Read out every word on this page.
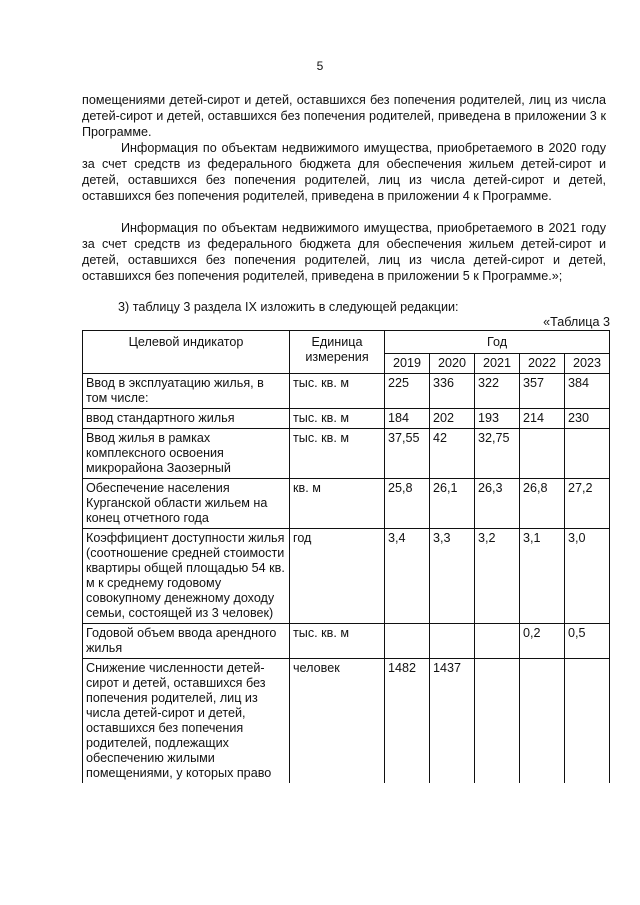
5

помещениями детей-сирот и детей, оставшихся без попечения родителей, лиц из числа детей-сирот и детей, оставшихся без попечения родителей, приведена в приложении 3 к Программе.

Информация по объектам недвижимого имущества, приобретаемого в 2020 году за счет средств из федерального бюджета для обеспечения жильем детей-сирот и детей, оставшихся без попечения родителей, лиц из числа детей-сирот и детей, оставшихся без попечения родителей, приведена в приложении 4 к Программе.

Информация по объектам недвижимого имущества, приобретаемого в 2021 году за счет средств из федерального бюджета для обеспечения жильем детей-сирот и детей, оставшихся без попечения родителей, лиц из числа детей-сирот и детей, оставшихся без попечения родителей, приведена в приложении 5 к Программе.»;

3) таблицу 3 раздела IX изложить в следующей редакции:

«Таблица 3
Целевой индикатор	Единица измерения	Год				
		2019	2020	2021	2022	2023
Ввод в эксплуатацию жилья, в том числе:	тыс. кв. м	225	336	322	357	384
ввод стандартного жилья	тыс. кв. м	184	202	193	214	230
Ввод жилья в рамках комплексного освоения микрорайона Заозерный	тыс. кв. м	37,55	42	32,75		
Обеспечение населения Курганской области жильем на конец отчетного года	кв. м	25,8	26,1	26,3	26,8	27,2
Коэффициент доступности жилья (соотношение средней стоимости квартиры общей площадью 54 кв. м к среднему годовому совокупному денежному доходу семьи, состоящей из 3 человек)	год	3,4	3,3	3,2	3,1	3,0
Годовой объем ввода арендного жилья	тыс. кв. м				0,2	0,5
Снижение численности детей-сирот и детей, оставшихся без попечения родителей, лиц из числа детей-сирот и детей, оставшихся без попечения родителей, подлежащих обеспечению жилыми помещениями, у которых право	человек	1482	1437			
